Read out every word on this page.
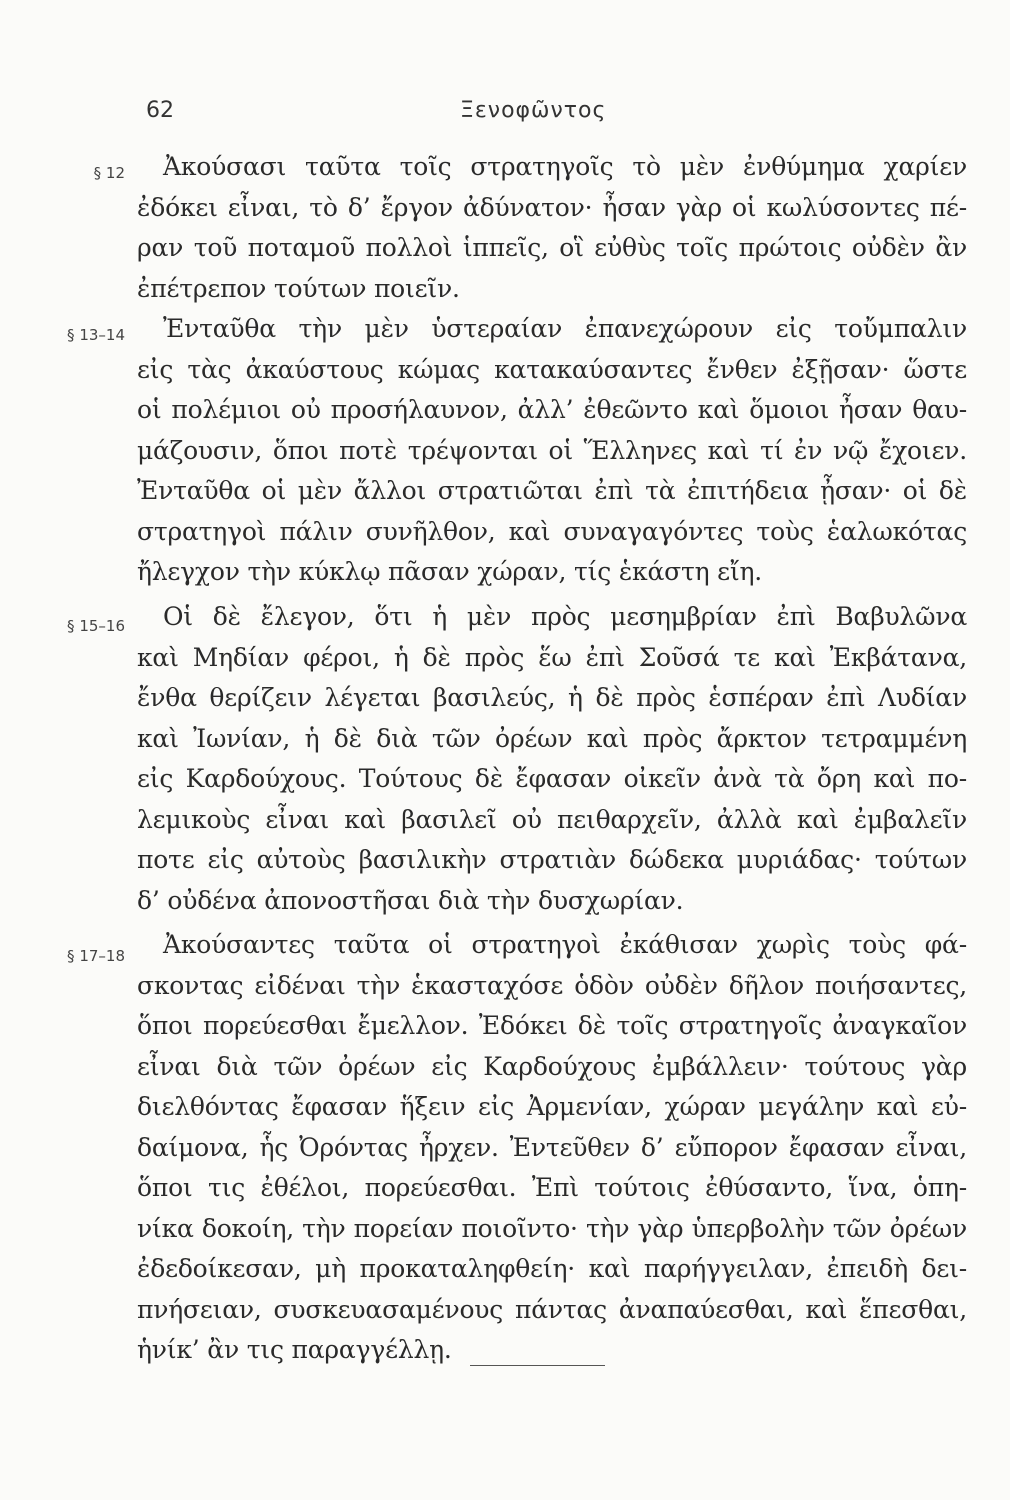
62	Ξενοφῶντος
§ 12	Ἀκούσασι ταῦτα τοῖς στρατηγοῖς τὸ μὲν ἐνθύμημα χαρίεν
ἐδόκει εἶναι, τὸ δ’ ἔργον ἀδύνατον· ἦσαν γὰρ οἱ κωλύσοντες πέ-
ραν τοῦ ποταμοῦ πολλοὶ ἱππεῖς, οἳ εὐθὺς τοῖς πρώτοις οὐδὲν ἂν
ἐπέτρεπον τούτων ποιεῖν.
§ 13–14	Ἐνταῦθα τὴν μὲν ὑστεραίαν ἐπανεχώρουν εἰς τοὔμπαλιν
εἰς τὰς ἀκαύστους κώμας κατακαύσαντες ἔνθεν ἐξῇσαν· ὥστε
οἱ πολέμιοι οὐ προσήλαυνον, ἀλλ’ ἐθεῶντο καὶ ὅμοιοι ἦσαν θαυ-
μάζουσιν, ὅποι ποτὲ τρέψονται οἱ Ἕλληνες καὶ τί ἐν νῷ ἔχοιεν.
Ἐνταῦθα οἱ μὲν ἄλλοι στρατιῶται ἐπὶ τὰ ἐπιτήδεια ᾖσαν· οἱ δὲ
στρατηγοὶ πάλιν συνῆλθον, καὶ συναγαγόντες τοὺς ἑαλωκότας
ἤλεγχον τὴν κύκλῳ πᾶσαν χώραν, τίς ἑκάστη εἴη.
§ 15–16	Οἱ δὲ ἔλεγον, ὅτι ἡ μὲν πρὸς μεσημβρίαν ἐπὶ Βαβυλῶνα
καὶ Μηδίαν φέροι, ἡ δὲ πρὸς ἕω ἐπὶ Σοῦσά τε καὶ Ἐκβάτανα,
ἔνθα θερίζειν λέγεται βασιλεύς, ἡ δὲ πρὸς ἑσπέραν ἐπὶ Λυδίαν
καὶ Ἰωνίαν, ἡ δὲ διὰ τῶν ὀρέων καὶ πρὸς ἄρκτον τετραμμένη
εἰς Καρδούχους. Τούτους δὲ ἔφασαν οἰκεῖν ἀνὰ τὰ ὄρη καὶ πο-
λεμικοὺς εἶναι καὶ βασιλεῖ οὐ πειθαρχεῖν, ἀλλὰ καὶ ἐμβαλεῖν
ποτε εἰς αὐτοὺς βασιλικὴν στρατιὰν δώδεκα μυριάδας· τούτων
δ’ οὐδένα ἀπονοστῆσαι διὰ τὴν δυσχωρίαν.
§ 17–18	Ἀκούσαντες ταῦτα οἱ στρατηγοὶ ἐκάθισαν χωρὶς τοὺς φά-
σκοντας εἰδέναι τὴν ἑκασταχόσε ὁδὸν οὐδὲν δῆλον ποιήσαντες,
ὅποι πορεύεσθαι ἔμελλον. Ἐδόκει δὲ τοῖς στρατηγοῖς ἀναγκαῖον
εἶναι διὰ τῶν ὀρέων εἰς Καρδούχους ἐμβάλλειν· τούτους γὰρ
διελθόντας ἔφασαν ἥξειν εἰς Ἀρμενίαν, χώραν μεγάλην καὶ εὐ-
δαίμονα, ἧς Ὀρόντας ἦρχεν. Ἐντεῦθεν δ’ εὔπορον ἔφασαν εἶναι,
ὅποι τις ἐθέλοι, πορεύεσθαι. Ἐπὶ τούτοις ἐθύσαντο, ἵνα, ὁπη-
νίκα δοκοίη, τὴν πορείαν ποιοῖντο· τὴν γὰρ ὑπερβολὴν τῶν ὀρέων
ἐδεδοίκεσαν, μὴ προκαταληφθείη· καὶ παρήγγειλαν, ἐπειδὴ δει-
πνήσειαν, συσκευασαμένους πάντας ἀναπαύεσθαι, καὶ ἕπεσθαι,
ἡνίκ’ ἂν τις παραγγέλλῃ.
